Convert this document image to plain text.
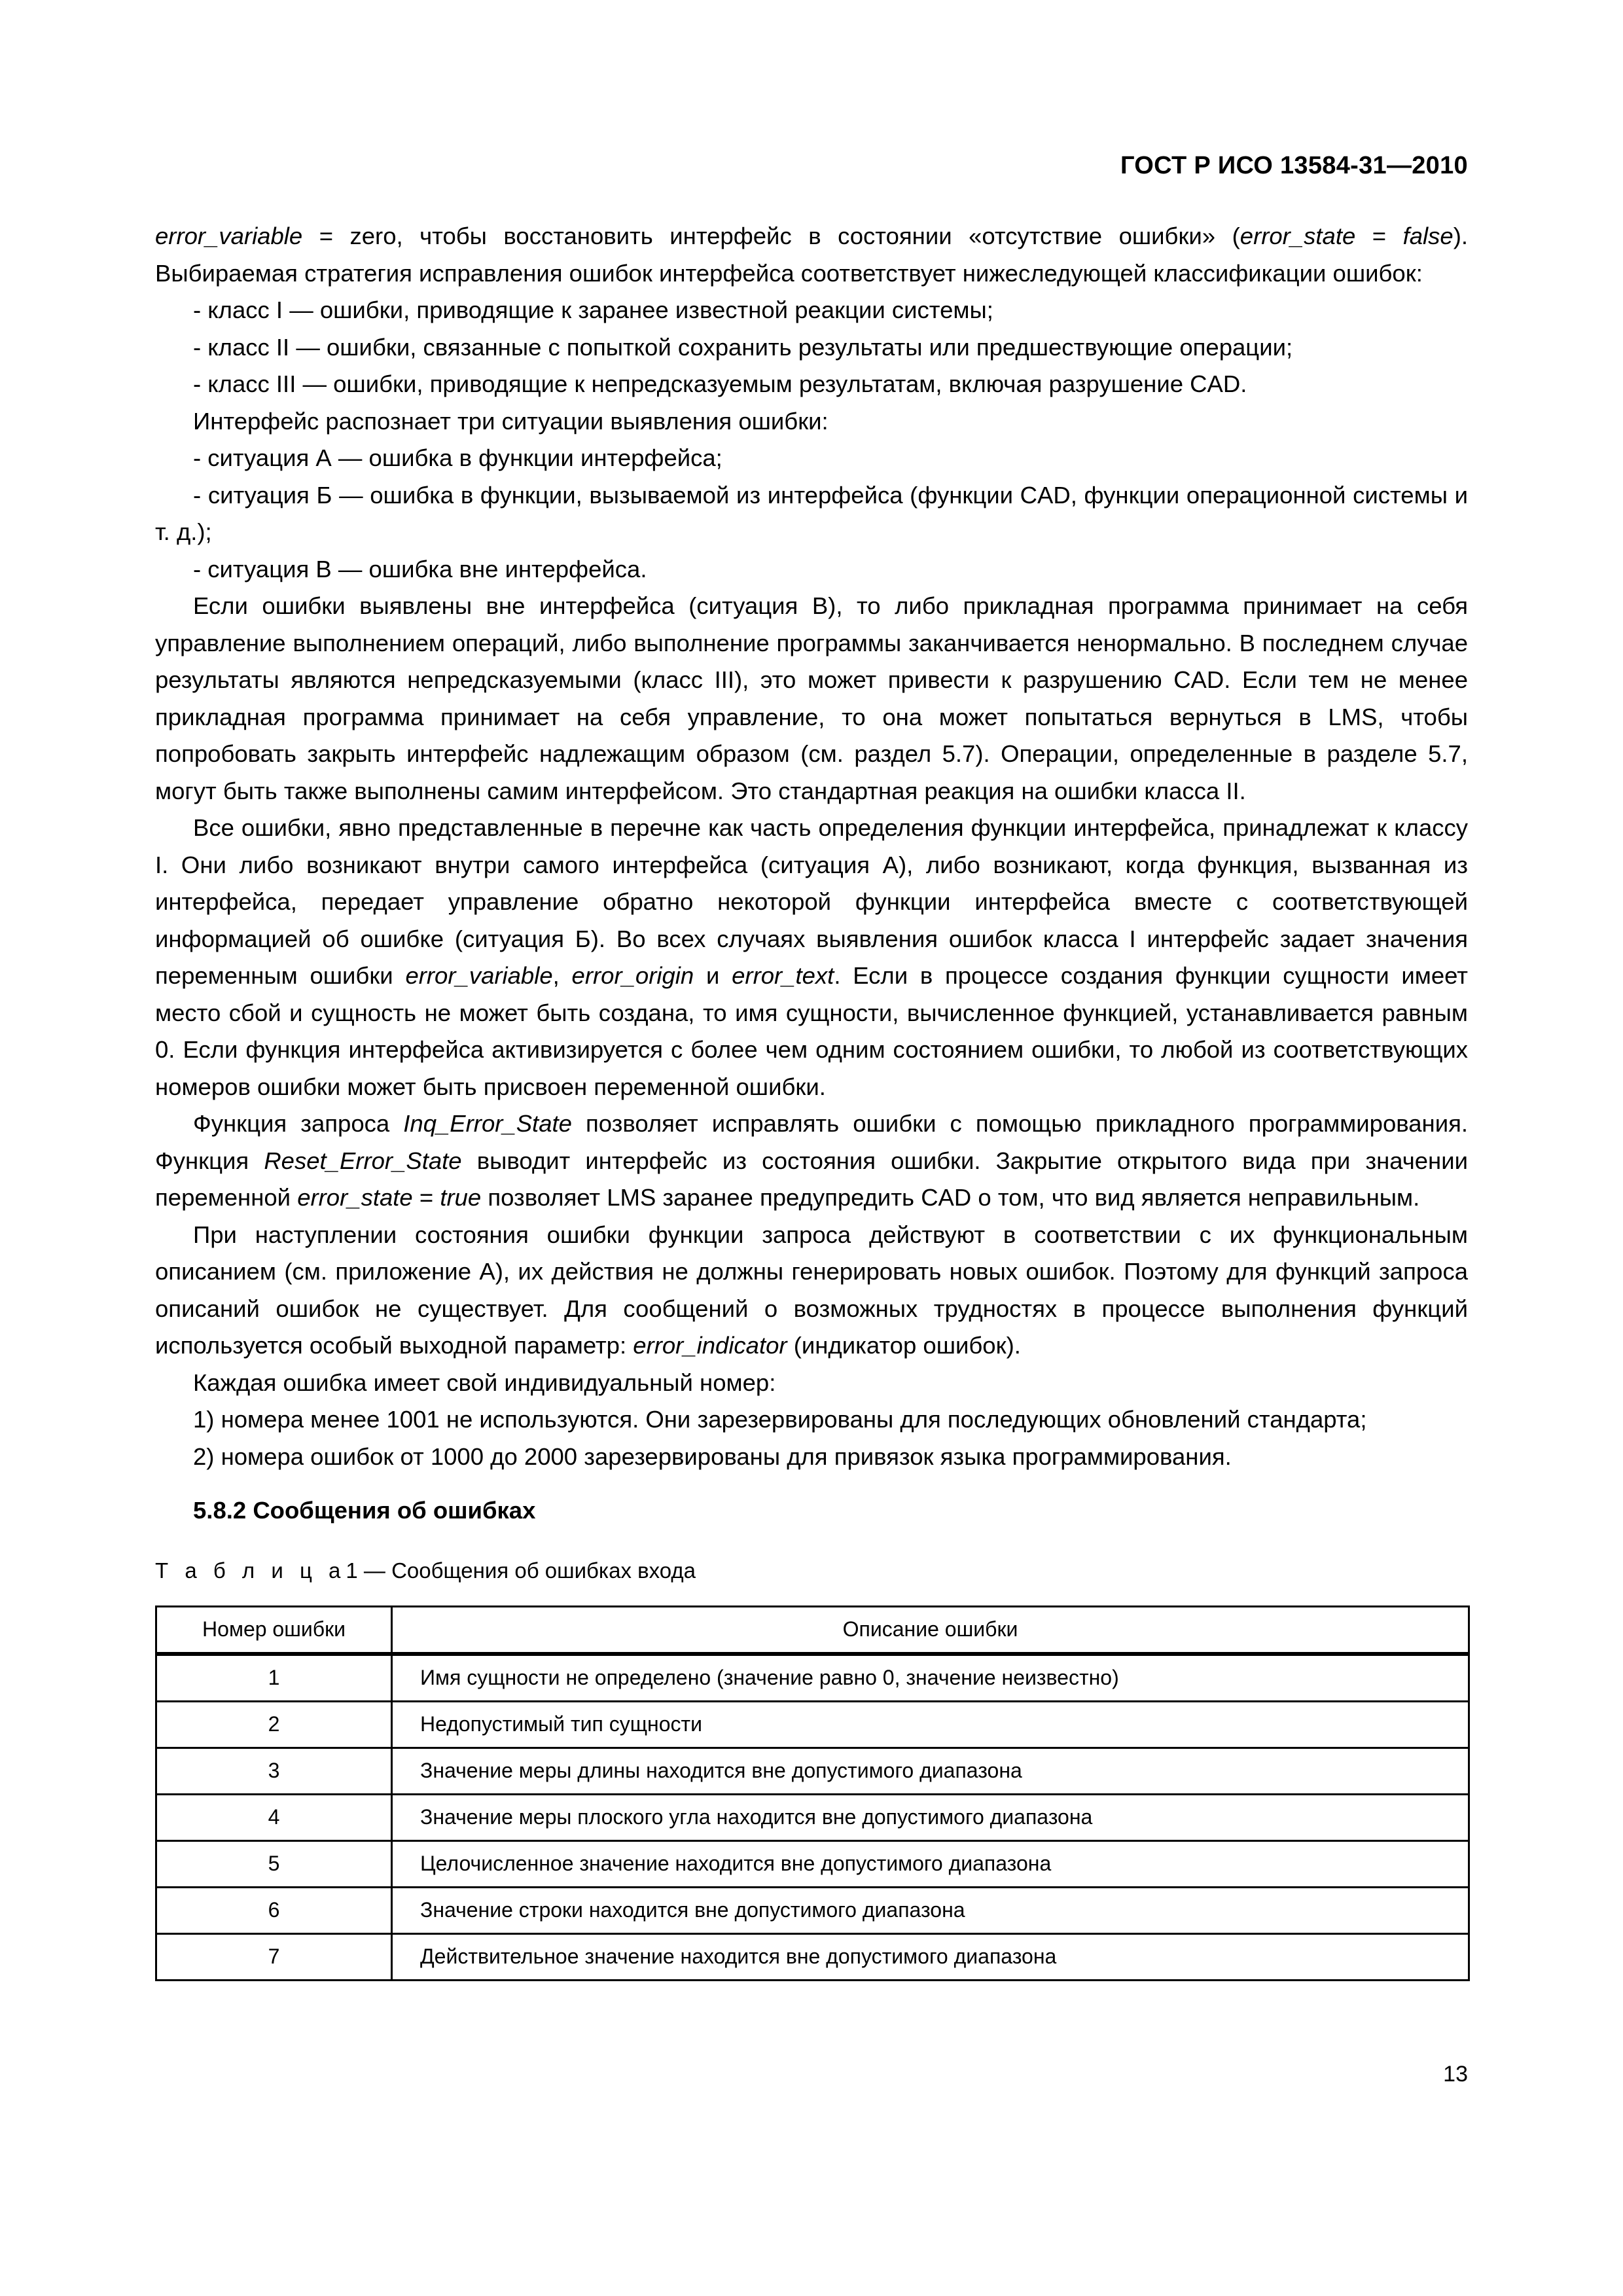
ГОСТ Р ИСО 13584-31—2010

error_variable = zero, чтобы восстановить интерфейс в состоянии «отсутствие ошибки» (error_state = false). Выбираемая стратегия исправления ошибок интерфейса соответствует нижеследующей классификации ошибок:

- класс I — ошибки, приводящие к заранее известной реакции системы;

- класс II — ошибки, связанные с попыткой сохранить результаты или предшествующие операции;

- класс III — ошибки, приводящие к непредсказуемым результатам, включая разрушение CAD.

Интерфейс распознает три ситуации выявления ошибки:

- ситуация А — ошибка в функции интерфейса;

- ситуация Б — ошибка в функции, вызываемой из интерфейса (функции CAD, функции операционной системы и т. д.);

- ситуация В — ошибка вне интерфейса.

Если ошибки выявлены вне интерфейса (ситуация В), то либо прикладная программа принимает на себя управление выполнением операций, либо выполнение программы заканчивается ненормально. В последнем случае результаты являются непредсказуемыми (класс III), это может привести к разрушению CAD. Если тем не менее прикладная программа принимает на себя управление, то она может попытаться вернуться в LMS, чтобы попробовать закрыть интерфейс надлежащим образом (см. раздел 5.7). Операции, определенные в разделе 5.7, могут быть также выполнены самим интерфейсом. Это стандартная реакция на ошибки класса II.

Все ошибки, явно представленные в перечне как часть определения функции интерфейса, принадлежат к классу I. Они либо возникают внутри самого интерфейса (ситуация А), либо возникают, когда функция, вызванная из интерфейса, передает управление обратно некоторой функции интерфейса вместе с соответствующей информацией об ошибке (ситуация Б). Во всех случаях выявления ошибок класса I интерфейс задает значения переменным ошибки error_variable, error_origin и error_text. Если в процессе создания функции сущности имеет место сбой и сущность не может быть создана, то имя сущности, вычисленное функцией, устанавливается равным 0. Если функция интерфейса активизируется с более чем одним состоянием ошибки, то любой из соответствующих номеров ошибки может быть присвоен переменной ошибки.

Функция запроса Inq_Error_State позволяет исправлять ошибки с помощью прикладного программирования. Функция Reset_Error_State выводит интерфейс из состояния ошибки. Закрытие открытого вида при значении переменной error_state = true позволяет LMS заранее предупредить CAD о том, что вид является неправильным.

При наступлении состояния ошибки функции запроса действуют в соответствии с их функциональным описанием (см. приложение А), их действия не должны генерировать новых ошибок. Поэтому для функций запроса описаний ошибок не существует. Для сообщений о возможных трудностях в процессе выполнения функций используется особый выходной параметр: error_indicator (индикатор ошибок).

Каждая ошибка имеет свой индивидуальный номер:

1) номера менее 1001 не используются. Они зарезервированы для последующих обновлений стандарта;

2) номера ошибок от 1000 до 2000 зарезервированы для привязок языка программирования.

5.8.2 Сообщения об ошибках
Т а б л и ц а1 — Сообщения об ошибках входа
Номер ошибки	Описание ошибки

1	Имя сущности не определено (значение равно 0, значение неизвестно)
2	Недопустимый тип сущности
3	Значение меры длины находится вне допустимого диапазона
4	Значение меры плоского угла находится вне допустимого диапазона
5	Целочисленное значение находится вне допустимого диапазона
6	Значение строки находится вне допустимого диапазона
7	Действительное значение находится вне допустимого диапазона
13
